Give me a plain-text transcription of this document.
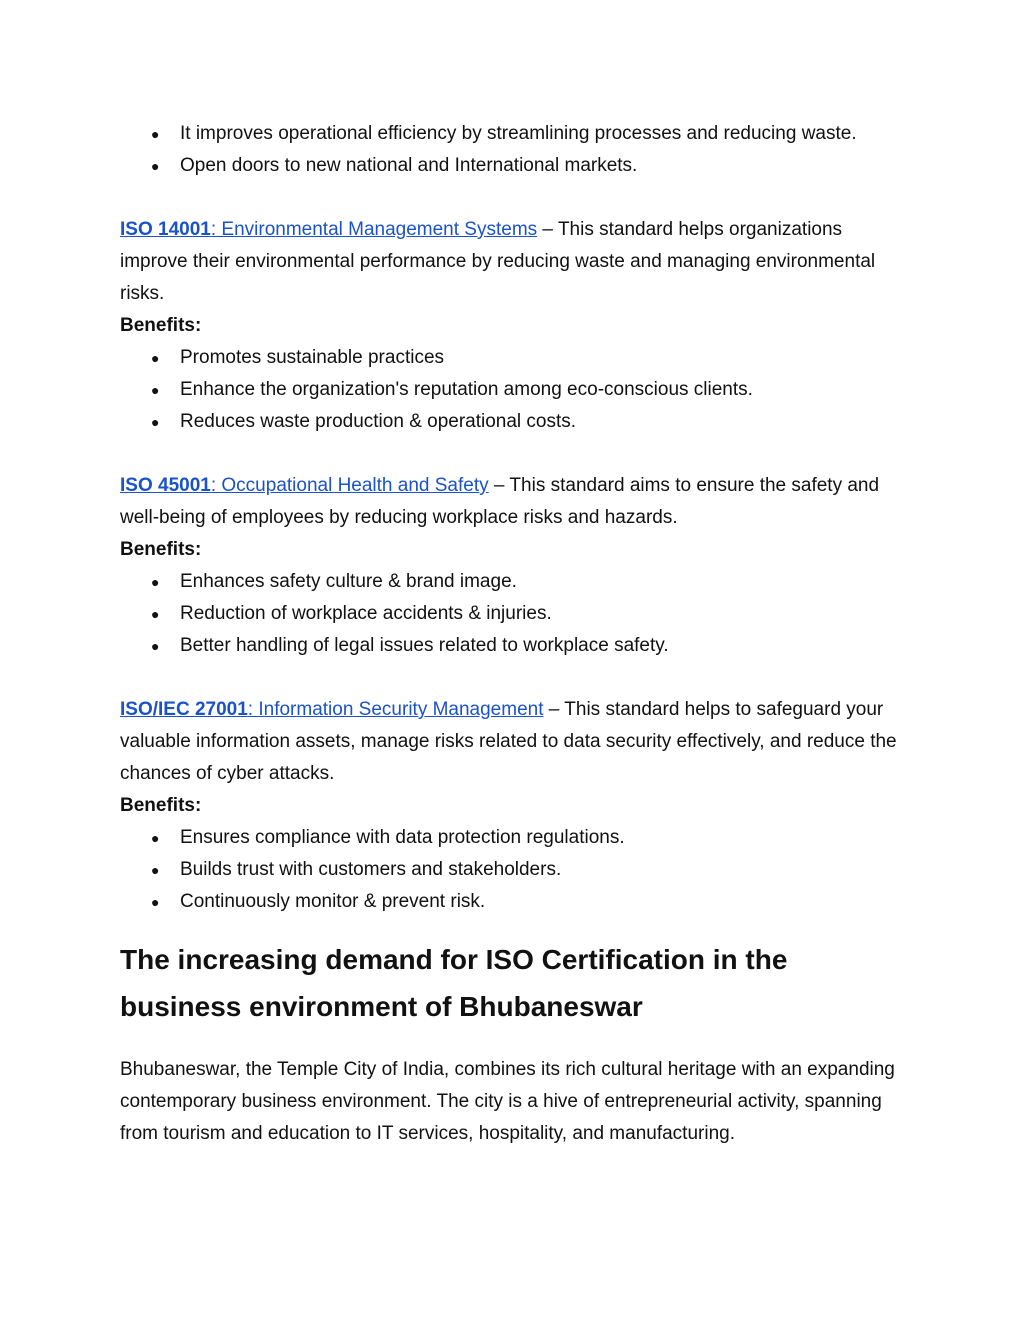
● It improves operational efficiency by streamlining processes and reducing waste.
● Open doors to new national and International markets.

ISO 14001: Environmental Management Systems – This standard helps organizations improve their environmental performance by reducing waste and managing environmental risks.

Benefits:

● Promotes sustainable practices
● Enhance the organization's reputation among eco-conscious clients.
● Reduces waste production & operational costs.

ISO 45001: Occupational Health and Safety – This standard aims to ensure the safety and well-being of employees by reducing workplace risks and hazards.

Benefits:

● Enhances safety culture & brand image.
● Reduction of workplace accidents & injuries.
● Better handling of legal issues related to workplace safety.

ISO/IEC 27001: Information Security Management – This standard helps to safeguard your valuable information assets, manage risks related to data security effectively, and reduce the chances of cyber attacks.

Benefits:

● Ensures compliance with data protection regulations.
● Builds trust with customers and stakeholders.
● Continuously monitor & prevent risk.
The increasing demand for ISO Certification in the business environment of Bhubaneswar

Bhubaneswar, the Temple City of India, combines its rich cultural heritage with an expanding contemporary business environment. The city is a hive of entrepreneurial activity, spanning from tourism and education to IT services, hospitality, and manufacturing.
